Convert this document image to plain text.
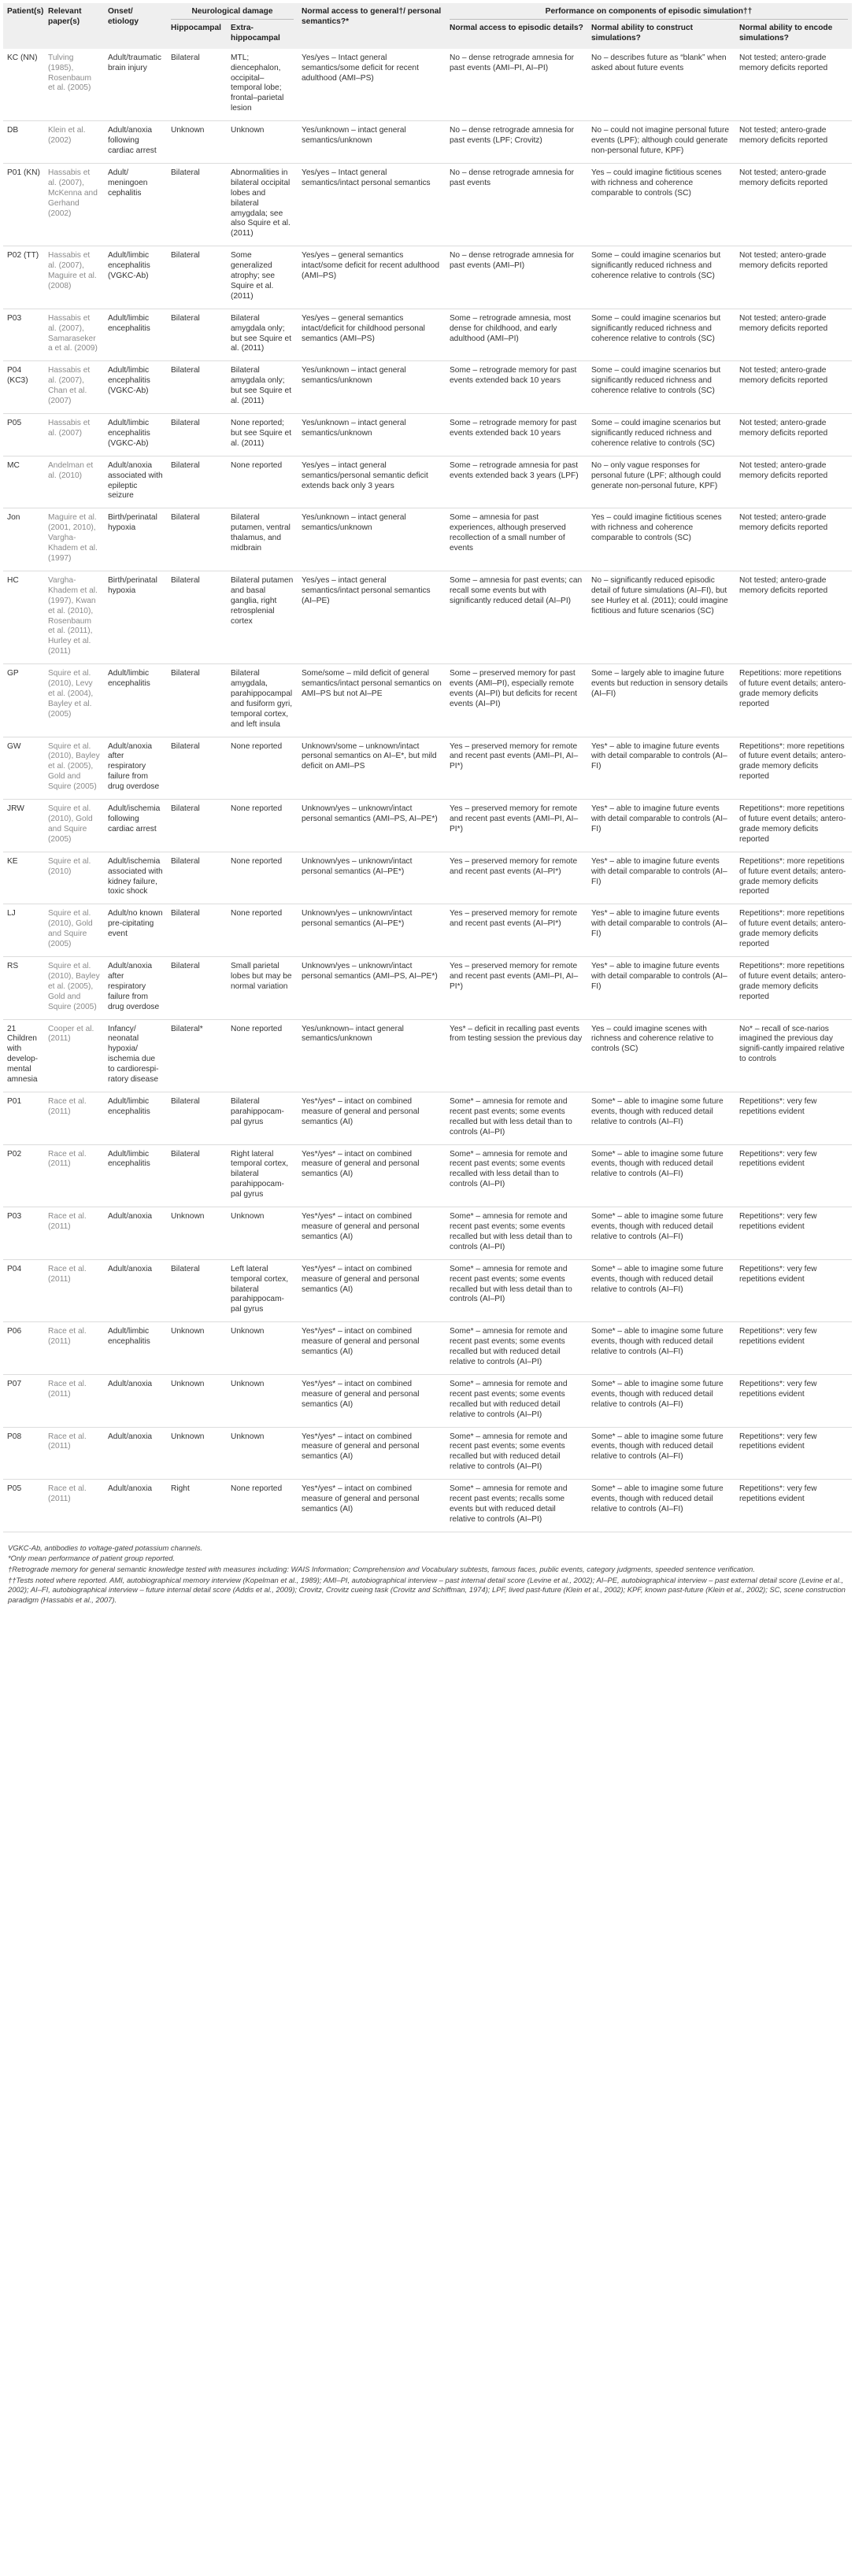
Patient(s)	Relevant paper(s)	Onset/ etiology	Neurological damage		Normal access to general†/ personal semantics?*	Performance on components of episodic simulation††		

			Hippocampal	Extra-hippocampal		Normal access to episodic details?	Normal ability to construct simulations?	Normal ability to encode simulations?
KC (NN)	Tulving (1985), Rosenbaum et al. (2005)	Adult/traumatic brain injury	Bilateral	MTL; diencephalon, occipital–temporal lobe; frontal–parietal lesion	Yes/yes – Intact general semantics/some deficit for recent adulthood (AMI–PS)	No – dense retrograde amnesia for past events (AMI–PI, AI–PI)	No – describes future as “blank” when asked about future events	Not tested; antero-grade memory deficits reported
DB	Klein et al. (2002)	Adult/anoxia following cardiac arrest	Unknown	Unknown	Yes/unknown – intact general semantics/unknown	No – dense retrograde amnesia for past events (LPF; Crovitz)	No – could not imagine personal future events (LPF); although could generate non-personal future, KPF)	Not tested; antero-grade memory deficits reported
P01 (KN)	Hassabis et al. (2007), McKenna and Gerhand (2002)	Adult/ meningoen cephalitis	Bilateral	Abnormalities in bilateral occipital lobes and bilateral amygdala; see also Squire et al. (2011)	Yes/yes – Intact general semantics/intact personal semantics	No – dense retrograde amnesia for past events	Yes – could imagine fictitious scenes with richness and coherence comparable to controls (SC)	Not tested; antero-grade memory deficits reported
P02 (TT)	Hassabis et al. (2007), Maguire et al. (2008)	Adult/limbic encephalitis (VGKC-Ab)	Bilateral	Some generalized atrophy; see Squire et al. (2011)	Yes/yes – general semantics intact/some deficit for recent adulthood (AMI–PS)	No – dense retrograde amnesia for past events (AMI–PI)	Some – could imagine scenarios but significantly reduced richness and coherence relative to controls (SC)	Not tested; antero-grade memory deficits reported
P03	Hassabis et al. (2007), Samarasekera et al. (2009)	Adult/limbic encephalitis	Bilateral	Bilateral amygdala only; but see Squire et al. (2011)	Yes/yes – general semantics intact/deficit for childhood personal semantics (AMI–PS)	Some – retrograde amnesia, most dense for childhood, and early adulthood (AMI–PI)	Some – could imagine scenarios but significantly reduced richness and coherence relative to controls (SC)	Not tested; antero-grade memory deficits reported
P04 (KC3)	Hassabis et al. (2007), Chan et al. (2007)	Adult/limbic encephalitis (VGKC-Ab)	Bilateral	Bilateral amygdala only; but see Squire et al. (2011)	Yes/unknown – intact general semantics/unknown	Some – retrograde memory for past events extended back 10 years	Some – could imagine scenarios but significantly reduced richness and coherence relative to controls (SC)	Not tested; antero-grade memory deficits reported
P05	Hassabis et al. (2007)	Adult/limbic encephalitis (VGKC-Ab)	Bilateral	None reported; but see Squire et al. (2011)	Yes/unknown – intact general semantics/unknown	Some – retrograde memory for past events extended back 10 years	Some – could imagine scenarios but significantly reduced richness and coherence relative to controls (SC)	Not tested; antero-grade memory deficits reported
MC	Andelman et al. (2010)	Adult/anoxia associated with epileptic seizure	Bilateral	None reported	Yes/yes – intact general semantics/personal semantic deficit extends back only 3 years	Some – retrograde amnesia for past events extended back 3 years (LPF)	No – only vague responses for personal future (LPF; although could generate non-personal future, KPF)	Not tested; antero-grade memory deficits reported
Jon	Maguire et al. (2001, 2010), Vargha-Khadem et al. (1997)	Birth/perinatal hypoxia	Bilateral	Bilateral putamen, ventral thalamus, and midbrain	Yes/unknown – intact general semantics/unknown	Some – amnesia for past experiences, although preserved recollection of a small number of events	Yes – could imagine fictitious scenes with richness and coherence comparable to controls (SC)	Not tested; antero-grade memory deficits reported
HC	Vargha-Khadem et al. (1997), Kwan et al. (2010), Rosenbaum et al. (2011), Hurley et al. (2011)	Birth/perinatal hypoxia	Bilateral	Bilateral putamen and basal ganglia, right retrosplenial cortex	Yes/yes – intact general semantics/intact personal semantics (AI–PE)	Some – amnesia for past events; can recall some events but with significantly reduced detail (AI–PI)	No – significantly reduced episodic detail of future simulations (AI–FI), but see Hurley et al. (2011); could imagine fictitious and future scenarios (SC)	Not tested; antero-grade memory deficits reported
GP	Squire et al. (2010), Levy et al. (2004), Bayley et al. (2005)	Adult/limbic encephalitis	Bilateral	Bilateral amygdala, parahippocampal and fusiform gyri, temporal cortex, and left insula	Some/some – mild deficit of general semantics/intact personal semantics on AMI–PS but not AI–PE	Some – preserved memory for past events (AMI–PI), especially remote events (AI–PI) but deficits for recent events (AI–PI)	Some – largely able to imagine future events but reduction in sensory details (AI–FI)	Repetitions: more repetitions of future event details; antero-grade memory deficits reported
GW	Squire et al. (2010), Bayley et al. (2005), Gold and Squire (2005)	Adult/anoxia after respiratory failure from drug overdose	Bilateral	None reported	Unknown/some – unknown/intact personal semantics on AI–E*, but mild deficit on AMI–PS	Yes – preserved memory for remote and recent past events (AMI–PI, AI–PI*)	Yes* – able to imagine future events with detail comparable to controls (AI–FI)	Repetitions*: more repetitions of future event details; antero-grade memory deficits reported
JRW	Squire et al. (2010), Gold and Squire (2005)	Adult/ischemia following cardiac arrest	Bilateral	None reported	Unknown/yes – unknown/intact personal semantics (AMI–PS, AI–PE*)	Yes – preserved memory for remote and recent past events (AMI–PI, AI–PI*)	Yes* – able to imagine future events with detail comparable to controls (AI–FI)	Repetitions*: more repetitions of future event details; antero-grade memory deficits reported
KE	Squire et al. (2010)	Adult/ischemia associated with kidney failure, toxic shock	Bilateral	None reported	Unknown/yes – unknown/intact personal semantics (AI–PE*)	Yes – preserved memory for remote and recent past events (AI–PI*)	Yes* – able to imagine future events with detail comparable to controls (AI–FI)	Repetitions*: more repetitions of future event details; antero-grade memory deficits reported
LJ	Squire et al. (2010), Gold and Squire (2005)	Adult/no known pre-cipitating event	Bilateral	None reported	Unknown/yes – unknown/intact personal semantics (AI–PE*)	Yes – preserved memory for remote and recent past events (AI–PI*)	Yes* – able to imagine future events with detail comparable to controls (AI–FI)	Repetitions*: more repetitions of future event details; antero-grade memory deficits reported
RS	Squire et al. (2010), Bayley et al. (2005), Gold and Squire (2005)	Adult/anoxia after respiratory failure from drug overdose	Bilateral	Small parietal lobes but may be normal variation	Unknown/yes – unknown/intact personal semantics (AMI–PS, AI–PE*)	Yes – preserved memory for remote and recent past events (AMI–PI, AI–PI*)	Yes* – able to imagine future events with detail comparable to controls (AI–FI)	Repetitions*: more repetitions of future event details; antero-grade memory deficits reported
21 Children with develop-mental amnesia	Cooper et al. (2011)	Infancy/ neonatal hypoxia/ ischemia due to cardiorespi-ratory disease	Bilateral*	None reported	Yes/unknown– intact general semantics/unknown	Yes* – deficit in recalling past events from testing session the previous day	Yes – could imagine scenes with richness and coherence relative to controls (SC)	No* – recall of sce-narios imagined the previous day signifi-cantly impaired relative to controls
P01	Race et al. (2011)	Adult/limbic encephalitis	Bilateral	Bilateral parahippocam-pal gyrus	Yes*/yes* – intact on combined measure of general and personal semantics (AI)	Some* – amnesia for remote and recent past events; some events recalled but with less detail than to controls (AI–PI)	Some* – able to imagine some future events, though with reduced detail relative to controls (AI–FI)	Repetitions*: very few repetitions evident
P02	Race et al. (2011)	Adult/limbic encephalitis	Bilateral	Right lateral temporal cortex, bilateral parahippocam-pal gyrus	Yes*/yes* – intact on combined measure of general and personal semantics (AI)	Some* – amnesia for remote and recent past events; some events recalled with less detail than to controls (AI–PI)	Some* – able to imagine some future events, though with reduced detail relative to controls (AI–FI)	Repetitions*: very few repetitions evident
P03	Race et al. (2011)	Adult/anoxia	Unknown	Unknown	Yes*/yes* – intact on combined measure of general and personal semantics (AI)	Some* – amnesia for remote and recent past events; some events recalled but with less detail than to controls (AI–PI)	Some* – able to imagine some future events, though with reduced detail relative to controls (AI–FI)	Repetitions*: very few repetitions evident
P04	Race et al. (2011)	Adult/anoxia	Bilateral	Left lateral temporal cortex, bilateral parahippocam-pal gyrus	Yes*/yes* – intact on combined measure of general and personal semantics (AI)	Some* – amnesia for remote and recent past events; some events recalled but with less detail than to controls (AI–PI)	Some* – able to imagine some future events, though with reduced detail relative to controls (AI–FI)	Repetitions*: very few repetitions evident
P06	Race et al. (2011)	Adult/limbic encephalitis	Unknown	Unknown	Yes*/yes* – intact on combined measure of general and personal semantics (AI)	Some* – amnesia for remote and recent past events; some events recalled but with reduced detail relative to controls (AI–PI)	Some* – able to imagine some future events, though with reduced detail relative to controls (AI–FI)	Repetitions*: very few repetitions evident
P07	Race et al. (2011)	Adult/anoxia	Unknown	Unknown	Yes*/yes* – intact on combined measure of general and personal semantics (AI)	Some* – amnesia for remote and recent past events; some events recalled but with reduced detail relative to controls (AI–PI)	Some* – able to imagine some future events, though with reduced detail relative to controls (AI–FI)	Repetitions*: very few repetitions evident
P08	Race et al. (2011)	Adult/anoxia	Unknown	Unknown	Yes*/yes* – intact on combined measure of general and personal semantics (AI)	Some* – amnesia for remote and recent past events; some events recalled but with reduced detail relative to controls (AI–PI)	Some* – able to imagine some future events, though with reduced detail relative to controls (AI–FI)	Repetitions*: very few repetitions evident
P05	Race et al. (2011)	Adult/anoxia	Right	None reported	Yes*/yes* – intact on combined measure of general and personal semantics (AI)	Some* – amnesia for remote and recent past events; recalls some events but with reduced detail relative to controls (AI–PI)	Some* – able to imagine some future events, though with reduced detail relative to controls (AI–FI)	Repetitions*: very few repetitions evident

VGKC-Ab, antibodies to voltage-gated potassium channels.

*Only mean performance of patient group reported.

†Retrograde memory for general semantic knowledge tested with measures including: WAIS Information; Comprehension and Vocabulary subtests, famous faces, public events, category judgments, speeded sentence verification.

††Tests noted where reported. AMI, autobiographical memory interview (Kopelman et al., 1989); AMI–PI, autobiographical interview – past internal detail score (Levine et al., 2002); AI–PE, autobiographical interview – past external detail score (Levine et al., 2002); AI–FI, autobiographical interview – future internal detail score (Addis et al., 2009); Crovitz, Crovitz cueing task (Crovitz and Schiffman, 1974); LPF, lived past-future (Klein et al., 2002); KPF, known past-future (Klein et al., 2002); SC, scene construction paradigm (Hassabis et al., 2007).
